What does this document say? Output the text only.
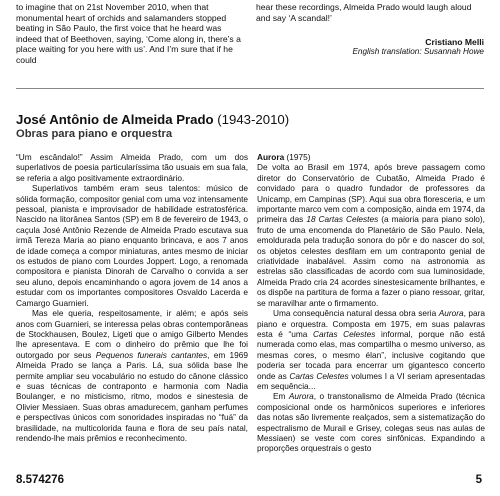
to imagine that on 21st November 2010, when that monumental heart of orchids and salamanders stopped beating in São Paulo, the first voice that he heard was indeed that of Beethoven, saying, ‘Come along in, there’s a place waiting for you here with us’. And I’m sure that if he could
hear these recordings, Almeida Prado would laugh aloud and say ‘A scandal!’
Cristiano Melli
English translation: Susannah Howe
José Antônio de Almeida Prado (1943-2010)
Obras para piano e orquestra

“Um escândalo!” Assim Almeida Prado, com um dos superlativos de poesia particularíssima tão usuais em sua fala, se referia a algo positivamente extraordinário.

Superlativos também eram seus talentos: músico de sólida formação, compositor genial com uma voz intensamente pessoal, pianista e improvisador de habilidade estratosférica. Nascido na litorânea Santos (SP) em 8 de fevereiro de 1943, o caçula José Antônio Rezende de Almeida Prado escutava sua irmã Tereza Maria ao piano enquanto brincava, e aos 7 anos de idade começa a compor miniaturas, antes mesmo de iniciar os estudos de piano com Lourdes Joppert. Logo, a renomada compositora e pianista Dinorah de Carvalho o convida a ser seu aluno, depois encaminhando o agora jovem de 14 anos a estudar com os importantes compositores Osvaldo Lacerda e Camargo Guarnieri.

Mas ele queria, respeitosamente, ir além; e após seis anos com Guarnieri, se interessa pelas obras contemporâneas de Stockhausen, Boulez, Ligeti que o amigo Gilberto Mendes lhe apresentava. E com o dinheiro do prêmio que lhe foi outorgado por seus Pequenos funerais cantantes, em 1969 Almeida Prado se lança a Paris. Lá, sua sólida base lhe permite ampliar seu vocabulário no estudo do cânone clássico e suas técnicas de contraponto e harmonia com Nadia Boulanger, e no misticismo, ritmo, modos e sinestesia de Olivier Messiaen. Suas obras amadurecem, ganham perfumes e perspectivas únicos com sonoridades inspiradas no “fuá” da brasilidade, na multicolorida fauna e flora de seu país natal, rendendo-lhe mais prêmios e reconhecimento.

Aurora (1975)

De volta ao Brasil em 1974, após breve passagem como diretor do Conservatório de Cubatão, Almeida Prado é convidado para o quadro fundador de professores da Unicamp, em Campinas (SP). Aqui sua obra floresceria, e um importante marco vem com a composição, ainda em 1974, da primeira das 18 Cartas Celestes (a maioria para piano solo), fruto de uma encomenda do Planetário de São Paulo. Nela, emoldurada pela tradução sonora do pôr e do nascer do sol, os objetos celestes desfilam em um contraponto genial de criatividade inabalável. Assim como na astronomia as estrelas são classificadas de acordo com sua luminosidade, Almeida Prado cria 24 acordes sinestesicamente brilhantes, e os dispõe na partitura de forma a fazer o piano ressoar, gritar, se maravilhar ante o firmamento.

Uma consequência natural dessa obra seria Aurora, para piano e orquestra. Composta em 1975, em suas palavras esta é “uma Cartas Celestes informal, porque não está numerada como elas, mas compartilha o mesmo universo, as mesmas cores, o mesmo élan”, inclusive cogitando que poderia ser tocada para encerrar um gigantesco concerto onde as Cartas Celestes volumes I a VI seriam apresentadas em sequência...

Em Aurora, o transtonalismo de Almeida Prado (técnica composicional onde os harmônicos superiores e inferiores das notas são livremente realçados, sem a sistematização do espectralismo de Murail e Grisey, colegas seus nas aulas de Messiaen) se veste com cores sinfônicas. Expandindo a proporções orquestrais o gesto

8.574276	5
